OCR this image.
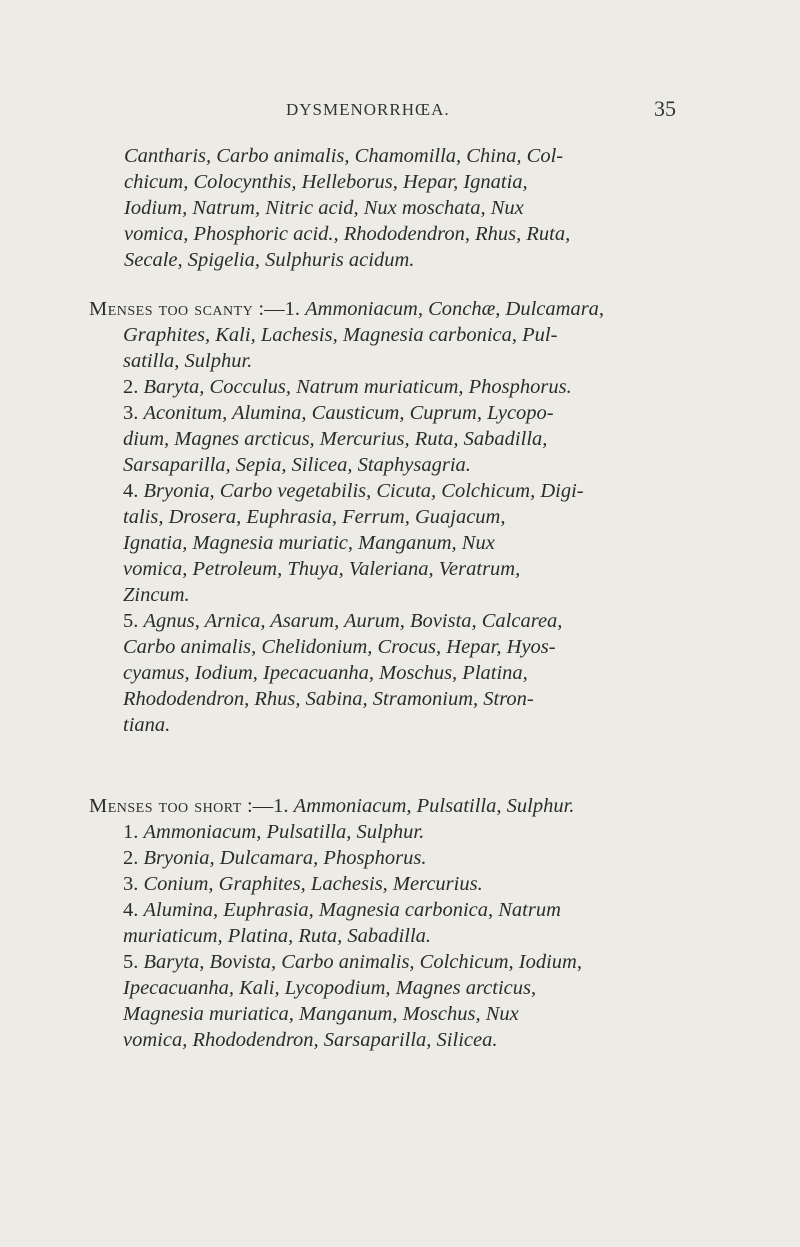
DYSMENORRHŒA.	35
Cantharis, Carbo animalis, Chamomilla, China, Col-
chicum, Colocynthis, Helleborus, Hepar, Ignatia,
Iodium, Natrum, Nitric acid, Nux moschata, Nux
vomica, Phosphoric acid., Rhododendron, Rhus, Ruta,
Secale, Spigelia, Sulphuris acidum.
Menses too scanty :—1. Ammoniacum, Conchæ, Dulcamara,
Graphites, Kali, Lachesis, Magnesia carbonica, Pul-
satilla, Sulphur.
2. Baryta, Cocculus, Natrum muriaticum, Phosphorus.
3. Aconitum, Alumina, Causticum, Cuprum, Lycopo-
dium, Magnes arcticus, Mercurius, Ruta, Sabadilla,
Sarsaparilla, Sepia, Silicea, Staphysagria.
4. Bryonia, Carbo vegetabilis, Cicuta, Colchicum, Digi-
talis, Drosera, Euphrasia, Ferrum, Guajacum,
Ignatia, Magnesia muriatic, Manganum, Nux
vomica, Petroleum, Thuya, Valeriana, Veratrum,
Zincum.
5. Agnus, Arnica, Asarum, Aurum, Bovista, Calcarea,
Carbo animalis, Chelidonium, Crocus, Hepar, Hyos-
cyamus, Iodium, Ipecacuanha, Moschus, Platina,
Rhododendron, Rhus, Sabina, Stramonium, Stron-
tiana.
Menses too short :—1. Ammoniacum, Pulsatilla, Sulphur.
1. Ammoniacum, Pulsatilla, Sulphur.
2. Bryonia, Dulcamara, Phosphorus.
3. Conium, Graphites, Lachesis, Mercurius.
4. Alumina, Euphrasia, Magnesia carbonica, Natrum
muriaticum, Platina, Ruta, Sabadilla.
5. Baryta, Bovista, Carbo animalis, Colchicum, Iodium,
Ipecacuanha, Kali, Lycopodium, Magnes arcticus,
Magnesia muriatica, Manganum, Moschus, Nux
vomica, Rhododendron, Sarsaparilla, Silicea.
